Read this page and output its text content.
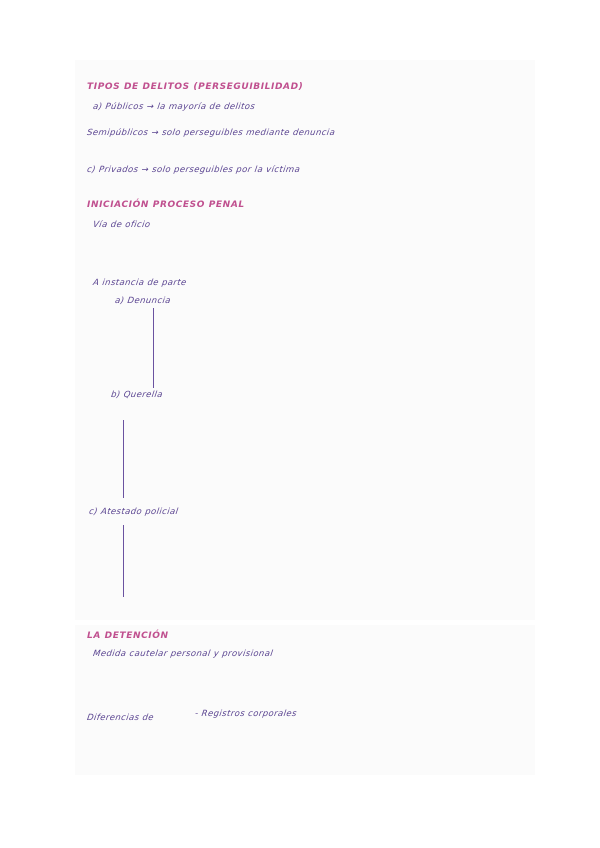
TIPOS DE DELITOS (PERSEGUIBILIDAD)
a) Públicos → la mayoría de delitos
Semipúblicos → solo perseguibles mediante denuncia
c) Privados → solo perseguibles por la víctima
INICIACIÓN PROCESO PENAL
Vía de oficio
A instancia de parte
a) Denuncia
b) Querella
c) Atestado policial
LA DETENCIÓN
Medida cautelar personal y provisional
Diferencias de	- Registros corporales
